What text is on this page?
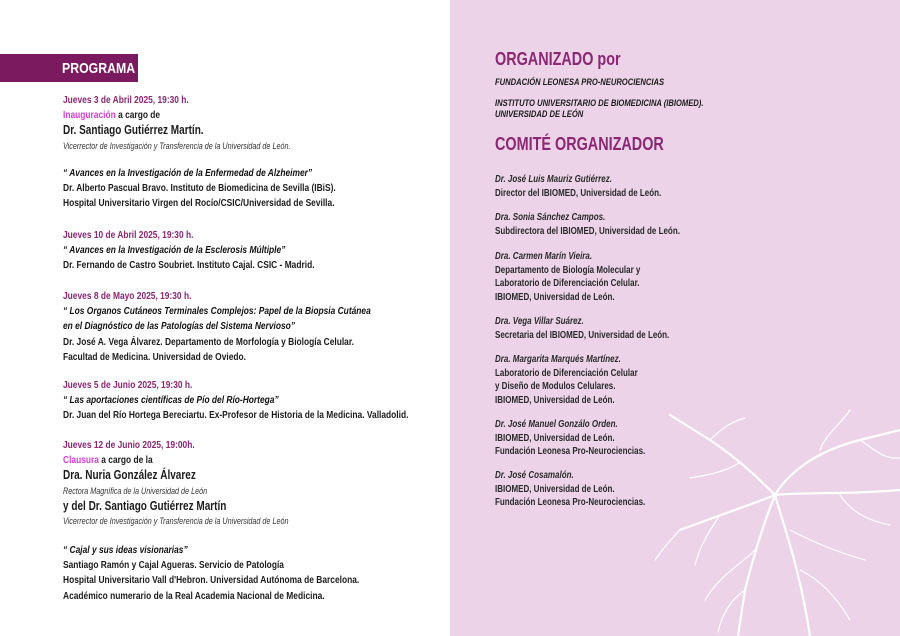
PROGRAMA
Jueves 3 de Abril 2025, 19:30 h.
Inauguración a cargo de
Dr. Santiago Gutiérrez Martín.
Vicerrector de Investigación y Transferencia de la Universidad de León.
“ Avances en la Investigación de la Enfermedad de Alzheimer”
Dr. Alberto Pascual Bravo. Instituto de Biomedicina de Sevilla (IBiS).
Hospital Universitario Virgen del Rocío/CSIC/Universidad de Sevilla.
Jueves 10 de Abril 2025, 19:30 h.
“ Avances en la Investigación de la Esclerosis Múltiple”
Dr. Fernando de Castro Soubriet. Instituto Cajal. CSIC - Madrid.
Jueves 8 de Mayo 2025, 19:30 h.
“ Los Organos Cutáneos Terminales Complejos: Papel de la Biopsia Cutánea
en el Diagnóstico de las Patologías del Sistema Nervioso”
Dr. José A. Vega Álvarez. Departamento de Morfología y Biología Celular.
Facultad de Medicina. Universidad de Oviedo.
Jueves 5 de Junio 2025, 19:30 h.
“ Las aportaciones científicas de Pío del Río-Hortega”
Dr. Juan del Río Hortega Bereciartu. Ex-Profesor de Historia de la Medicina. Valladolid.
Jueves 12 de Junio 2025, 19:00h.
Clausura a cargo de la
Dra. Nuria González Álvarez
Rectora Magnífica de la Universidad de León
y del Dr. Santiago Gutiérrez Martín
Vicerrector de Investigación y Transferencia de la Universidad de León
“ Cajal y sus ideas visionarias”
Santiago Ramón y Cajal Agueras. Servicio de Patología
Hospital Universitario Vall d'Hebron. Universidad Autónoma de Barcelona.
Académico numerario de la Real Academia Nacional de Medicina.
ORGANIZADO por
FUNDACIÓN LEONESA PRO-NEUROCIENCIAS
INSTITUTO UNIVERSITARIO DE BIOMEDICINA (IBIOMED).
UNIVERSIDAD DE LEÓN
COMITÉ ORGANIZADOR
Dr. José Luis Mauriz Gutiérrez.
Director del IBIOMED, Universidad de León.
Dra. Sonia Sánchez Campos.
Subdirectora del IBIOMED, Universidad de León.
Dra. Carmen Marín Vieira.
Departamento de Biología Molecular y
Laboratorio de Diferenciación Celular.
IBIOMED, Universidad de León.
Dra. Vega Villar Suárez.
Secretaria del IBIOMED, Universidad de León.
Dra. Margarita Marqués Martínez.
Laboratorio de Diferenciación Celular
y Diseño de Modulos Celulares.
IBIOMED, Universidad de León.
Dr. José Manuel Gonzálo Orden.
IBIOMED, Universidad de León.
Fundación Leonesa Pro-Neurociencias.
Dr. José Cosamalón.
IBIOMED, Universidad de León.
Fundación Leonesa Pro-Neurociencias.
